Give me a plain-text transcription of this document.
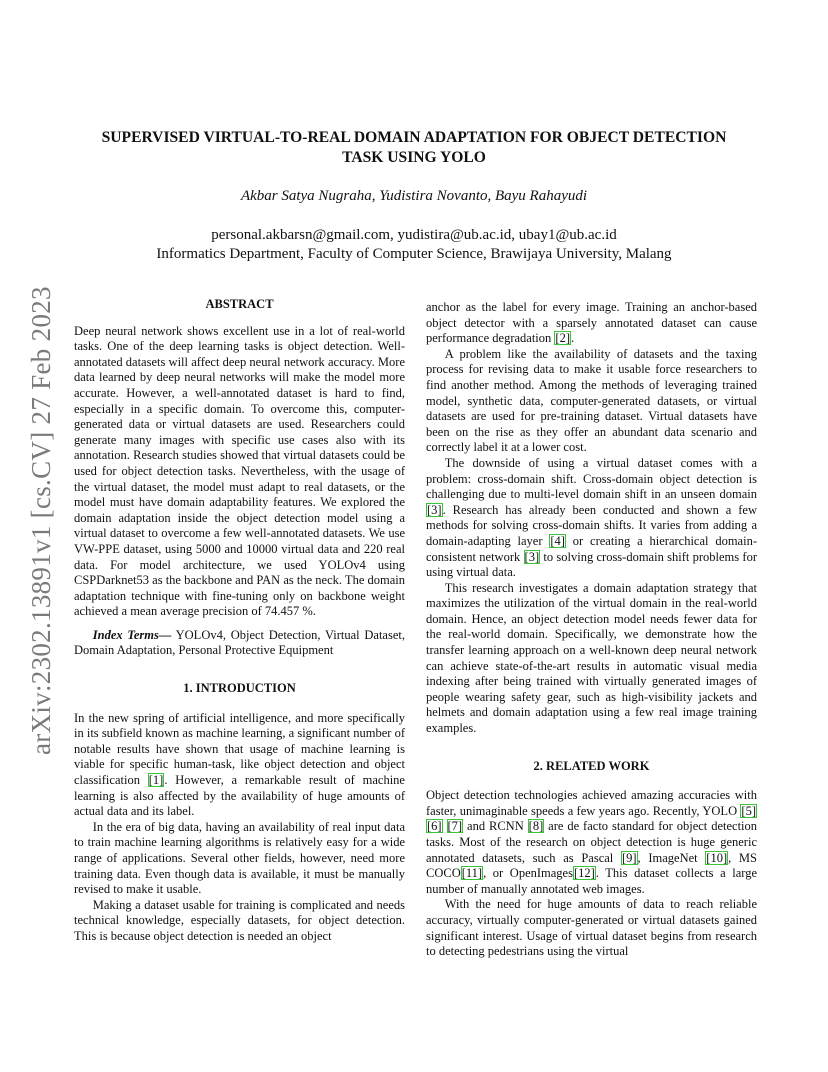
arXiv:2302.13891v1 [cs.CV] 27 Feb 2023
SUPERVISED VIRTUAL-TO-REAL DOMAIN ADAPTATION FOR OBJECT DETECTION
TASK USING YOLO
Akbar Satya Nugraha, Yudistira Novanto, Bayu Rahayudi
personal.akbarsn@gmail.com, yudistira@ub.ac.id, ubay1@ub.ac.id
Informatics Department, Faculty of Computer Science, Brawijaya University, Malang

ABSTRACT

Deep neural network shows excellent use in a lot of real-world tasks. One of the deep learning tasks is object detection. Well-annotated datasets will affect deep neural network accuracy. More data learned by deep neural networks will make the model more accurate. However, a well-annotated dataset is hard to find, especially in a specific domain. To overcome this, computer-generated data or virtual datasets are used. Researchers could generate many images with specific use cases also with its annotation. Research studies showed that virtual datasets could be used for object detection tasks. Nevertheless, with the usage of the virtual dataset, the model must adapt to real datasets, or the model must have domain adaptability features. We explored the domain adaptation inside the object detection model using a virtual dataset to overcome a few well-annotated datasets. We use VW-PPE dataset, using 5000 and 10000 virtual data and 220 real data. For model architecture, we used YOLOv4 using CSPDarknet53 as the backbone and PAN as the neck. The domain adaptation technique with fine-tuning only on backbone weight achieved a mean average precision of 74.457 %.

Index Terms— YOLOv4, Object Detection, Virtual Dataset, Domain Adaptation, Personal Protective Equipment

1. INTRODUCTION

In the new spring of artificial intelligence, and more specifically in its subfield known as machine learning, a significant number of notable results have shown that usage of machine learning is viable for specific human-task, like object detection and object classification [1]. However, a remarkable result of machine learning is also affected by the availability of huge amounts of actual data and its label.

In the era of big data, having an availability of real input data to train machine learning algorithms is relatively easy for a wide range of applications. Several other fields, however, need more training data. Even though data is available, it must be manually revised to make it usable.

Making a dataset usable for training is complicated and needs technical knowledge, especially datasets, for object detection. This is because object detection is needed an object

anchor as the label for every image. Training an anchor-based object detector with a sparsely annotated dataset can cause performance degradation [2].

A problem like the availability of datasets and the taxing process for revising data to make it usable force researchers to find another method. Among the methods of leveraging trained model, synthetic data, computer-generated datasets, or virtual datasets are used for pre-training dataset. Virtual datasets have been on the rise as they offer an abundant data scenario and correctly label it at a lower cost.

The downside of using a virtual dataset comes with a problem: cross-domain shift. Cross-domain object detection is challenging due to multi-level domain shift in an unseen domain [3]. Research has already been conducted and shown a few methods for solving cross-domain shifts. It varies from adding a domain-adapting layer [4] or creating a hierarchical domain-consistent network [3] to solving cross-domain shift problems for using virtual data.

This research investigates a domain adaptation strategy that maximizes the utilization of the virtual domain in the real-world domain. Hence, an object detection model needs fewer data for the real-world domain. Specifically, we demonstrate how the transfer learning approach on a well-known deep neural network can achieve state-of-the-art results in automatic visual media indexing after being trained with virtually generated images of people wearing safety gear, such as high-visibility jackets and helmets and domain adaptation using a few real image training examples.

2. RELATED WORK

Object detection technologies achieved amazing accuracies with faster, unimaginable speeds a few years ago. Recently, YOLO [5] [6] [7] and RCNN [8] are de facto standard for object detection tasks. Most of the research on object detection is huge generic annotated datasets, such as Pascal [9], ImageNet [10], MS COCO[11], or OpenImages[12]. This dataset collects a large number of manually annotated web images.

With the need for huge amounts of data to reach reliable accuracy, virtually computer-generated or virtual datasets gained significant interest. Usage of virtual dataset begins from research to detecting pedestrians using the virtual
